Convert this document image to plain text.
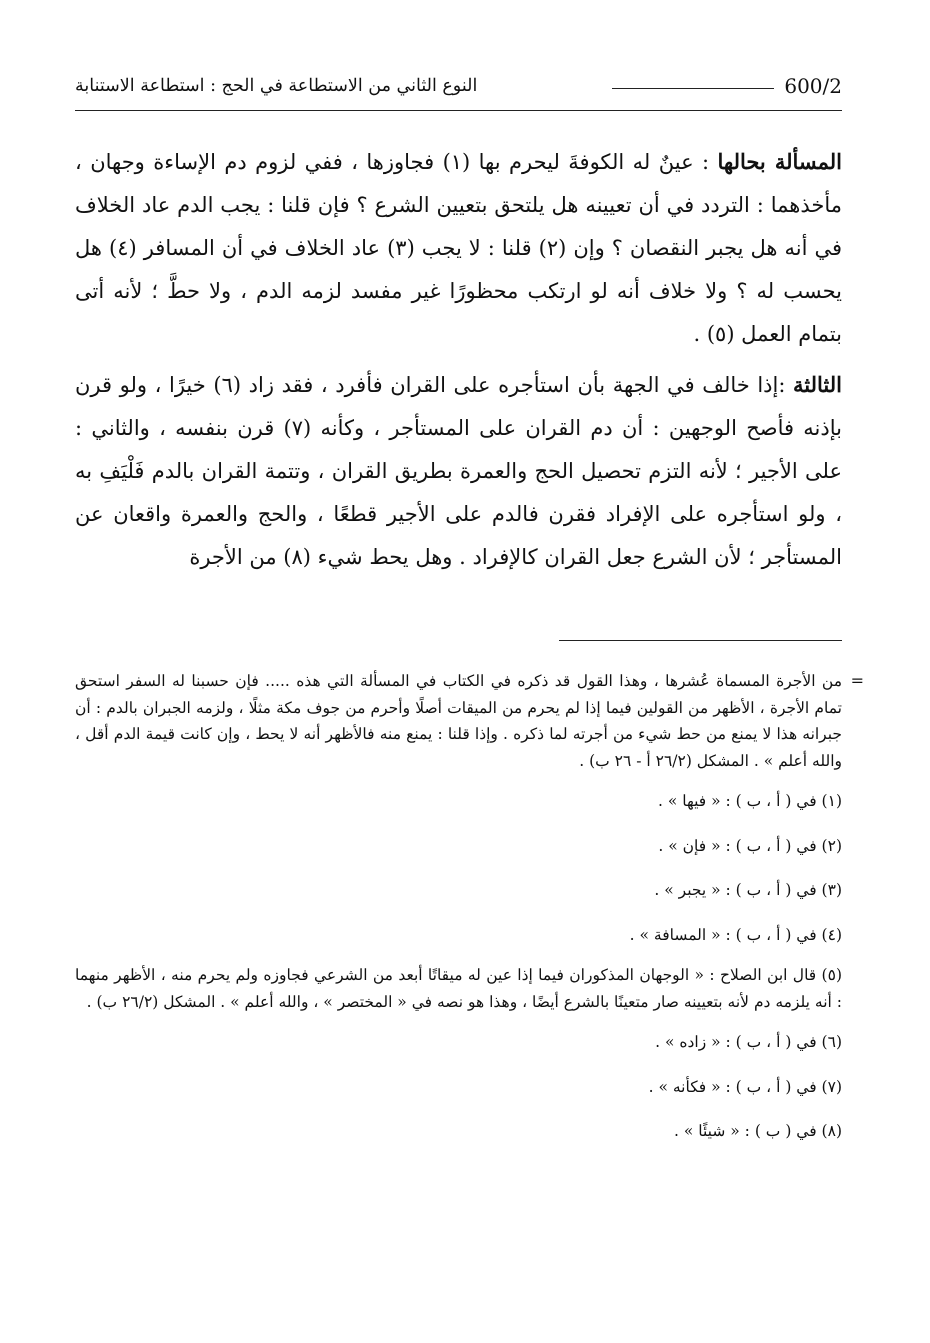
600/2
النوع الثاني من الاستطاعة في الحج : استطاعة الاستنابة

المسألة بحالها : عينٌ له الكوفةَ ليحرم بها (١) فجاوزها ، ففي لزوم دم الإساءة وجهان ، مأخذهما : التردد في أن تعيينه هل يلتحق بتعيين الشرع ؟ فإن قلنا : يجب الدم عاد الخلاف في أنه هل يجبر النقصان ؟ وإن (٢) قلنا : لا يجب (٣) عاد الخلاف في أن المسافر (٤) هل يحسب له ؟ ولا خلاف أنه لو ارتكب محظورًا غير مفسد لزمه الدم ، ولا حطَّ ؛ لأنه أتى بتمام العمل (٥) .

الثالثة :إذا خالف في الجهة بأن استأجره على القران فأفرد ، فقد زاد (٦) خيرًا ، ولو قرن بإذنه فأصح الوجهين : أن دم القران على المستأجر ، وكأنه (٧) قرن بنفسه ، والثاني : على الأجير ؛ لأنه التزم تحصيل الحج والعمرة بطريق القران ، وتتمة القران بالدم فَلْيَفِ به ، ولو استأجره على الإفراد فقرن فالدم على الأجير قطعًا ، والحج والعمرة واقعان عن المستأجر ؛ لأن الشرع جعل القران كالإفراد . وهل يحط شيء (٨) من الأجرة

=
من الأجرة المسماة عُشرها ، وهذا القول قد ذكره في الكتاب في المسألة التي هذه ..... فإن حسبنا له السفر استحق تمام الأجرة ، الأظهر من القولين فيما إذا لم يحرم من الميقات أصلًا وأحرم من جوف مكة مثلًا ، ولزمه الجبران بالدم : أن جبرانه هذا لا يمنع من حط شيء من أجرته لما ذكره . وإذا قلنا : يمنع منه فالأظهر أنه لا يحط ، وإن كانت قيمة الدم أقل ، والله أعلم » . المشكل (٢٦/٢ أ - ٢٦ ب) .

(١) في ( أ ، ب ) : « فيها » .

(٢) في ( أ ، ب ) : « فإن » .

(٣) في ( أ ، ب ) : « يجبر » .

(٤) في ( أ ، ب ) : « المسافة » .

(٥) قال ابن الصلاح : « الوجهان المذكوران فيما إذا عين له ميقاتًا أبعد من الشرعي فجاوزه ولم يحرم منه ، الأظهر منهما : أنه يلزمه دم لأنه بتعيينه صار متعينًا بالشرع أيضًا ، وهذا هو نصه في « المختصر » ، والله أعلم » . المشكل (٢٦/٢ ب) .

(٦) في ( أ ، ب ) : « زاده » .

(٧) في ( أ ، ب ) : « فكأنه » .

(٨) في ( ب ) : « شيئًا » .
